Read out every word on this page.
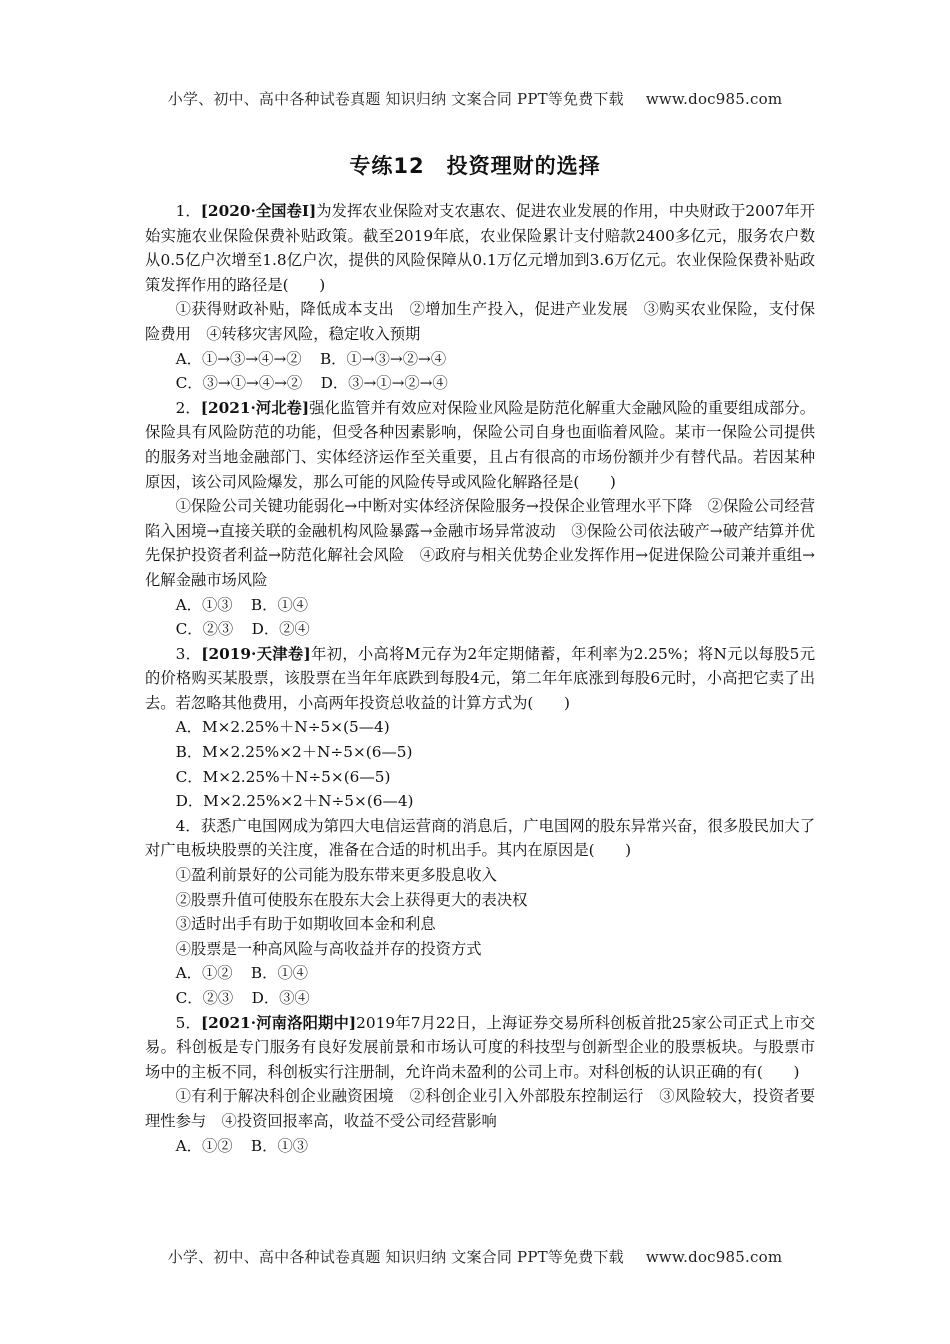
小学、初中、高中各种试卷真题 知识归纳 文案合同 PPT等免费下载 www.doc985.com
专练12　投资理财的选择

1．[2020·全国卷Ⅰ]为发挥农业保险对支农惠农、促进农业发展的作用，中央财政于2007年开始实施农业保险保费补贴政策。截至2019年底，农业保险累计支付赔款2400多亿元，服务农户数从0.5亿户次增至1.8亿户次，提供的风险保障从0.1万亿元增加到3.6万亿元。农业保险保费补贴政策发挥作用的路径是(　　)

①获得财政补贴，降低成本支出　②增加生产投入，促进产业发展　③购买农业保险，支付保险费用　④转移灾害风险，稳定收入预期

A．①→③→④→② B．①→③→②→④

C．③→①→④→② D．③→①→②→④

2．[2021·河北卷]强化监管并有效应对保险业风险是防范化解重大金融风险的重要组成部分。保险具有风险防范的功能，但受各种因素影响，保险公司自身也面临着风险。某市一保险公司提供的服务对当地金融部门、实体经济运作至关重要，且占有很高的市场份额并少有替代品。若因某种原因，该公司风险爆发，那么可能的风险传导或风险化解路径是(　　)

①保险公司关键功能弱化→中断对实体经济保险服务→投保企业管理水平下降　②保险公司经营陷入困境→直接关联的金融机构风险暴露→金融市场异常波动　③保险公司依法破产→破产结算并优先保护投资者利益→防范化解社会风险　④政府与相关优势企业发挥作用→促进保险公司兼并重组→化解金融市场风险

A．①③ B．①④

C．②③ D．②④

3．[2019·天津卷]年初，小高将M元存为2年定期储蓄，年利率为2.25%；将N元以每股5元的价格购买某股票，该股票在当年年底跌到每股4元，第二年年底涨到每股6元时，小高把它卖了出去。若忽略其他费用，小高两年投资总收益的计算方式为(　　)

A．M×2.25%＋N÷5×(5—4)

B．M×2.25%×2＋N÷5×(6—5)

C．M×2.25%＋N÷5×(6—5)

D．M×2.25%×2＋N÷5×(6—4)

4．获悉广电国网成为第四大电信运营商的消息后，广电国网的股东异常兴奋，很多股民加大了对广电板块股票的关注度，准备在合适的时机出手。其内在原因是(　　)

①盈利前景好的公司能为股东带来更多股息收入

②股票升值可使股东在股东大会上获得更大的表决权

③适时出手有助于如期收回本金和利息

④股票是一种高风险与高收益并存的投资方式

A．①② B．①④

C．②③ D．③④

5．[2021·河南洛阳期中]2019年7月22日，上海证券交易所科创板首批25家公司正式上市交易。科创板是专门服务有良好发展前景和市场认可度的科技型与创新型企业的股票板块。与股票市场中的主板不同，科创板实行注册制，允许尚未盈利的公司上市。对科创板的认识正确的有(　　)

①有利于解决科创企业融资困境　②科创企业引入外部股东控制运行　③风险较大，投资者要理性参与　④投资回报率高，收益不受公司经营影响

A．①② B．①③

小学、初中、高中各种试卷真题 知识归纳 文案合同 PPT等免费下载 www.doc985.com
